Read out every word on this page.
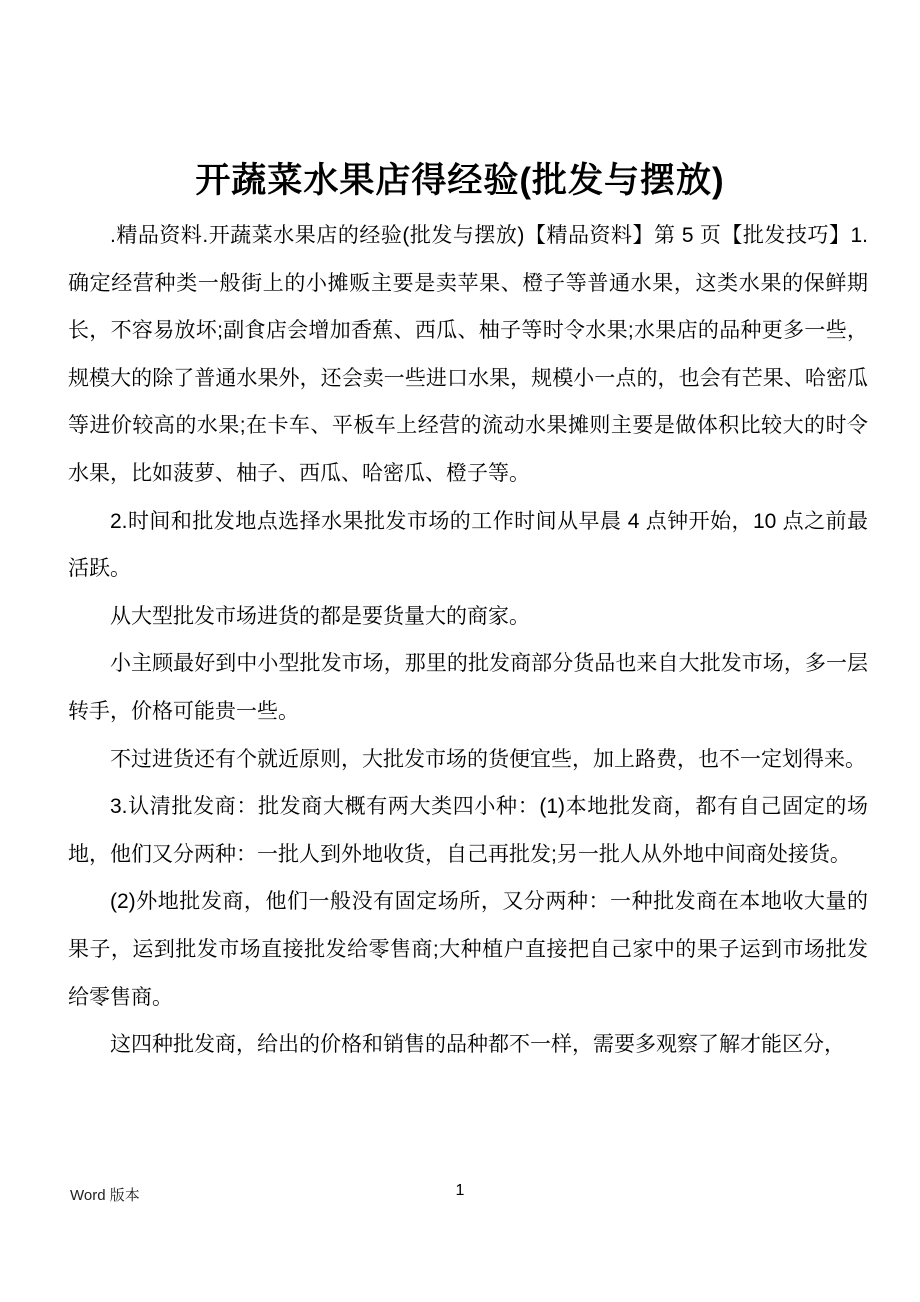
开蔬菜水果店得经验(批发与摆放)

.精品资料.开蔬菜水果店的经验(批发与摆放)【精品资料】第 5 页【批发技巧】1.确定经营种类一般街上的小摊贩主要是卖苹果、橙子等普通水果，这类水果的保鲜期长，不容易放坏;副食店会增加香蕉、西瓜、柚子等时令水果;水果店的品种更多一些，规模大的除了普通水果外，还会卖一些进口水果，规模小一点的，也会有芒果、哈密瓜等进价较高的水果;在卡车、平板车上经营的流动水果摊则主要是做体积比较大的时令水果，比如菠萝、柚子、西瓜、哈密瓜、橙子等。

2.时间和批发地点选择水果批发市场的工作时间从早晨 4 点钟开始，10 点之前最活跃。

从大型批发市场进货的都是要货量大的商家。

小主顾最好到中小型批发市场，那里的批发商部分货品也来自大批发市场，多一层转手，价格可能贵一些。

不过进货还有个就近原则，大批发市场的货便宜些，加上路费，也不一定划得来。

3.认清批发商：批发商大概有两大类四小种：(1)本地批发商，都有自己固定的场地，他们又分两种：一批人到外地收货，自己再批发;另一批人从外地中间商处接货。

(2)外地批发商，他们一般没有固定场所，又分两种：一种批发商在本地收大量的果子，运到批发市场直接批发给零售商;大种植户直接把自己家中的果子运到市场批发给零售商。

这四种批发商，给出的价格和销售的品种都不一样，需要多观察了解才能区分，

Word 版本	1
